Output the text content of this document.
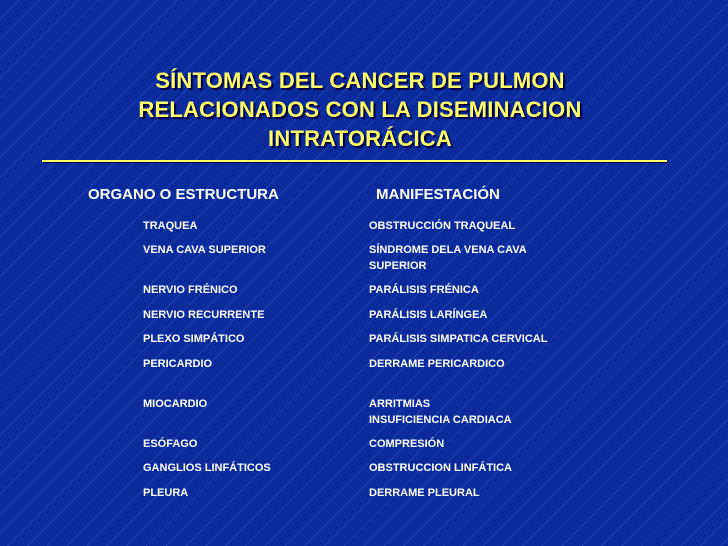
SÍNTOMAS DEL CANCER DE PULMON
RELACIONADOS CON LA DISEMINACION
INTRATORÁCICA
ORGANO O ESTRUCTURA	MANIFESTACIÓN
TRAQUEA	OBSTRUCCIÓN TRAQUEAL
VENA CAVA SUPERIOR	SÍNDROME DELA VENA CAVA
SUPERIOR
NERVIO FRÉNICO	PARÁLISIS FRÉNICA
NERVIO RECURRENTE	PARÁLISIS LARÍNGEA
PLEXO SIMPÁTICO	PARÁLISIS SIMPATICA CERVICAL
PERICARDIO	DERRAME PERICARDICO
MIOCARDIO	ARRITMIAS
INSUFICIENCIA CARDIACA
ESÓFAGO	COMPRESIÓN
GANGLIOS LINFÁTICOS	OBSTRUCCION LINFÁTICA
PLEURA	DERRAME PLEURAL
